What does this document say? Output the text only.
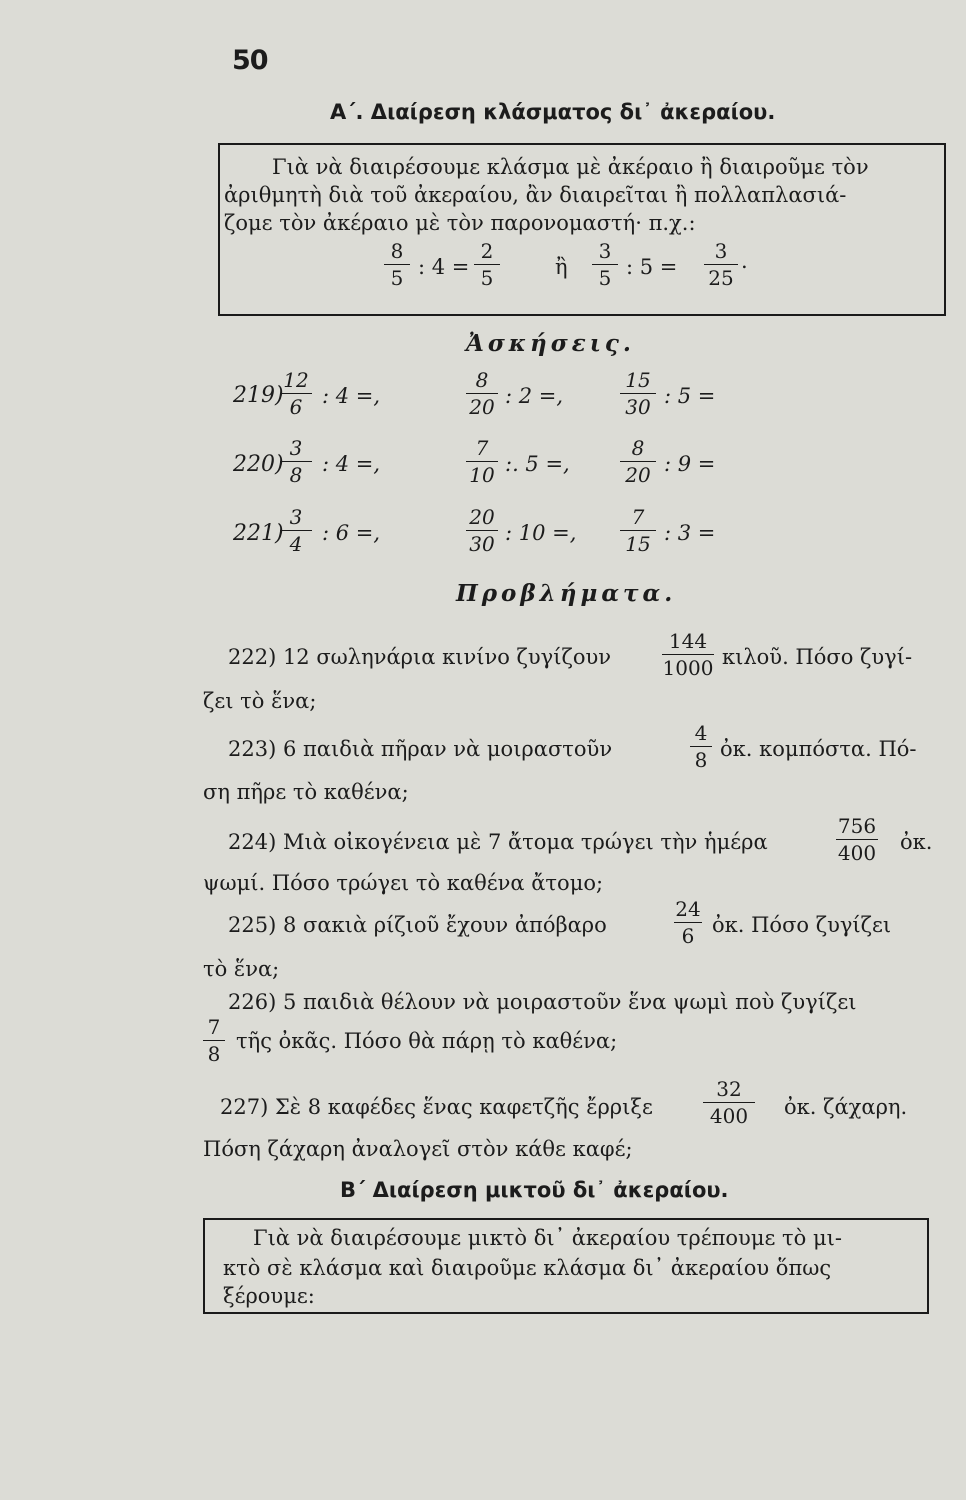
50
Α΄. Διαίρεση κλάσματος δι᾿ ἀκεραίου.
Γιὰ νὰ διαιρέσουμε κλάσμα μὲ ἀκέραιο ἢ διαιροῦμε τὸν
ἀριθμητὴ διὰ τοῦ ἀκεραίου, ἂν διαιρεῖται ἢ πολλαπλασιά-
ζομε τὸν ἀκέραιο μὲ τὸν παρονομαστή· π.χ.:
8
5 : 4 =
2
5	ἢ
3
5 : 5 =
3
25
.
Ἀσκήσεις.
219)
12
6 : 4 =,
8
20 : 2 =,
15
30 : 5 =
220)
3
8 : 4 =,
7
10 :. 5 =,
8
20 : 9 =
221)
3
4 : 6 =,
20
30 : 10 =,
7
15 : 3 =
Προβλήματα.
222) 12 σωληνάρια κινίνο ζυγίζουν
144
1000 κιλοῦ. Πόσο ζυγί-
ζει τὸ ἕνα;
223) 6 παιδιὰ πῆραν νὰ μοιραστοῦν
4
8 ὀκ. κομπόστα. Πό-
ση πῆρε τὸ καθένα;
224) Μιὰ οἰκογένεια μὲ 7 ἄτομα τρώγει τὴν ἡμέρα
756
400 ὀκ.
ψωμί. Πόσο τρώγει τὸ καθένα ἄτομο;
225) 8 σακιὰ ρίζιοῦ ἔχουν ἀπόβαρο
24
6 ὀκ. Πόσο ζυγίζει
τὸ ἕνα;
226) 5 παιδιὰ θέλουν νὰ μοιραστοῦν ἕνα ψωμὶ ποὺ ζυγίζει
7
8
τῆς ὀκᾶς. Πόσο θὰ πάρῃ τὸ καθένα;
227) Σὲ 8 καφέδες ἕνας καφετζῆς ἔρριξε
32
400	ὀκ. ζάχαρη.
Πόση ζάχαρη ἀναλογεῖ στὸν κάθε καφέ;
Β΄ Διαίρεση μικτοῦ δι᾿ ἀκεραίου.
Γιὰ νὰ διαιρέσουμε μικτὸ δι᾿ ἀκεραίου τρέπουμε τὸ μι-
κτὸ σὲ κλάσμα καὶ διαιροῦμε κλάσμα δι᾿ ἀκεραίου ὅπως
ξέρουμε:
